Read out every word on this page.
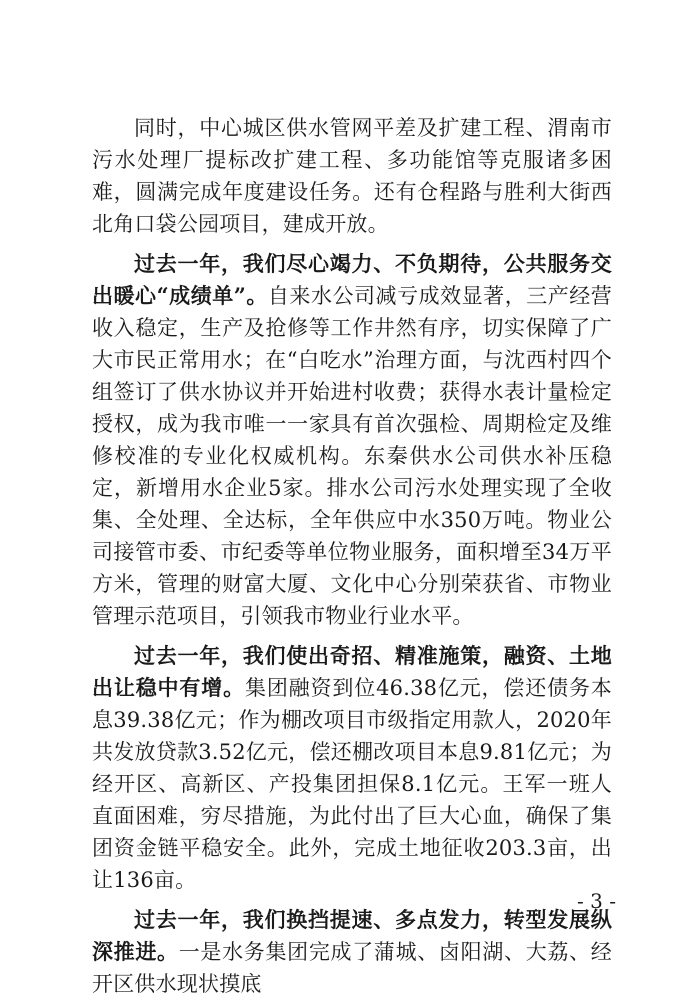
同时，中心城区供水管网平差及扩建工程、渭南市污水处理厂提标改扩建工程、多功能馆等克服诸多困难，圆满完成年度建设任务。还有仓程路与胜利大街西北角口袋公园项目，建成开放。

过去一年，我们尽心竭力、不负期待，公共服务交出暖心“成绩单”。自来水公司减亏成效显著，三产经营收入稳定，生产及抢修等工作井然有序，切实保障了广大市民正常用水；在“白吃水”治理方面，与沈西村四个组签订了供水协议并开始进村收费；获得水表计量检定授权，成为我市唯一一家具有首次强检、周期检定及维修校准的专业化权威机构。东秦供水公司供水补压稳定，新增用水企业5家。排水公司污水处理实现了全收集、全处理、全达标，全年供应中水350万吨。物业公司接管市委、市纪委等单位物业服务，面积增至34万平方米，管理的财富大厦、文化中心分别荣获省、市物业管理示范项目，引领我市物业行业水平。

过去一年，我们使出奇招、精准施策，融资、土地出让稳中有增。集团融资到位46.38亿元，偿还债务本息39.38亿元；作为棚改项目市级指定用款人，2020年共发放贷款3.52亿元，偿还棚改项目本息9.81亿元；为经开区、高新区、产投集团担保8.1亿元。王军一班人直面困难，穷尽措施，为此付出了巨大心血，确保了集团资金链平稳安全。此外，完成土地征收203.3亩，出让136亩。

过去一年，我们换挡提速、多点发力，转型发展纵深推进。一是水务集团完成了蒲城、卤阳湖、大荔、经开区供水现状摸底

- 3 -
